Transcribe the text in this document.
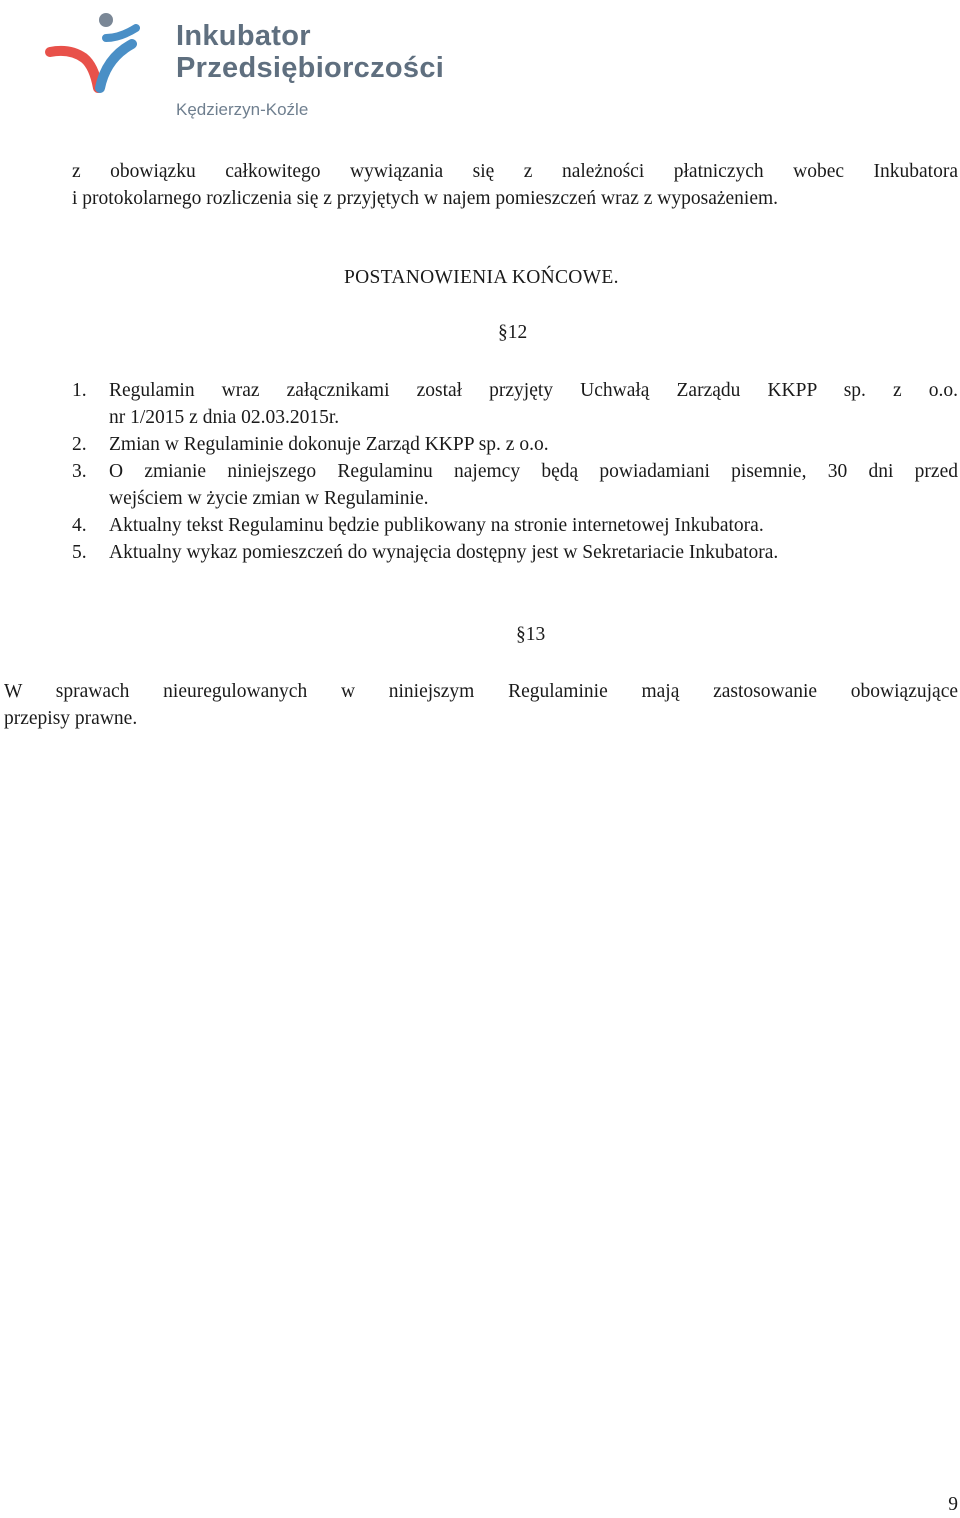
Inkubator
Przedsiębiorczości
Kędzierzyn-Koźle
z obowiązku całkowitego wywiązania się z należności płatniczych wobec Inkubatora
i protokolarnego rozliczenia się z przyjętych w najem pomieszczeń wraz z wyposażeniem.
POSTANOWIENIA KOŃCOWE.
§12
1. Regulamin wraz załącznikami został przyjęty Uchwałą Zarządu KKPP sp. z o.o.
nr 1/2015 z dnia 02.03.2015r.
2. Zmian w Regulaminie dokonuje Zarząd KKPP sp. z o.o.
3. O zmianie niniejszego Regulaminu najemcy będą powiadamiani pisemnie, 30 dni przed
wejściem w życie zmian w Regulaminie.
4. Aktualny tekst Regulaminu będzie publikowany na stronie internetowej Inkubatora.
5. Aktualny wykaz pomieszczeń do wynajęcia dostępny jest w Sekretariacie Inkubatora.
§13
W sprawach nieuregulowanych w niniejszym Regulaminie mają zastosowanie obowiązujące
przepisy prawne.
9
